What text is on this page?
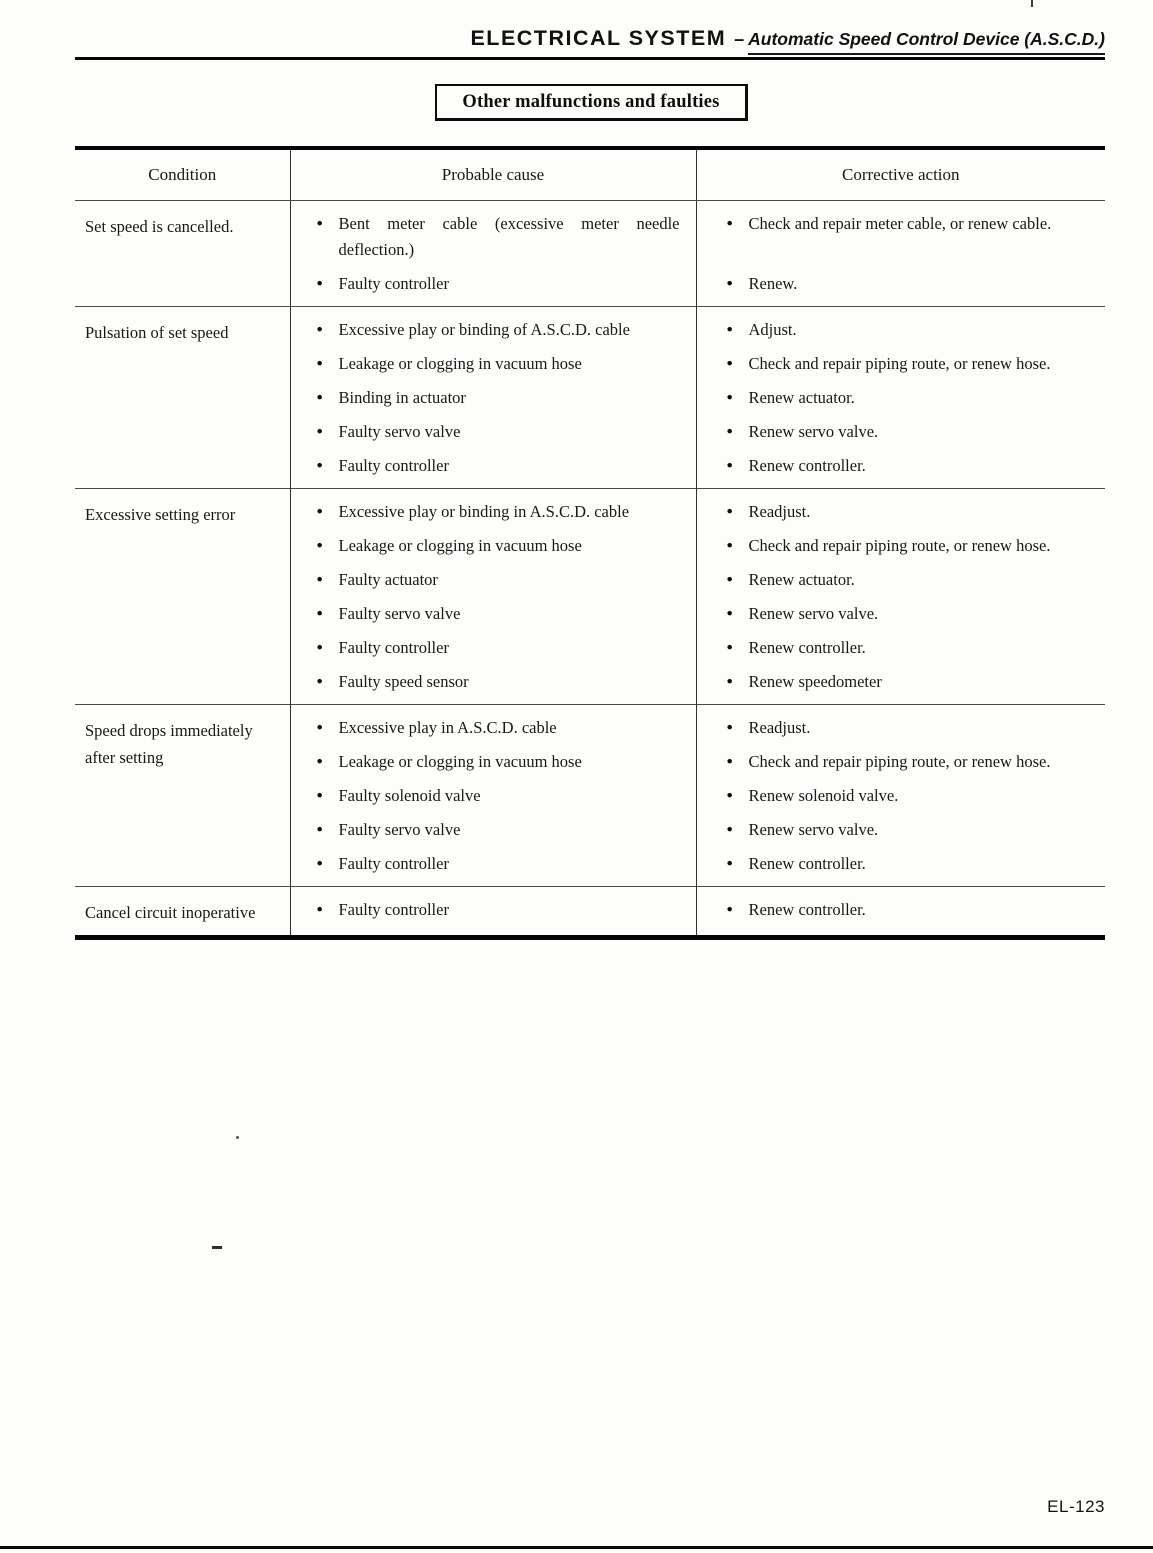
ELECTRICAL SYSTEM – Automatic Speed Control Device (A.S.C.D.)
Other malfunctions and faulties
Condition	Probable cause	Corrective action
Set speed is cancelled.	● Bent meter cable (excessive meter needle deflection.)	● Check and repair meter cable, or renew cable.

	● Faulty controller	● Renew.

Pulsation of set speed	● Excessive play or binding of A.S.C.D. cable	● Adjust.

	● Leakage or clogging in vacuum hose	● Check and repair piping route, or renew hose.

	● Binding in actuator	● Renew actuator.

	● Faulty servo valve	● Renew servo valve.

	● Faulty controller	● Renew controller.

Excessive setting error	● Excessive play or binding in A.S.C.D. cable	● Readjust.

	● Leakage or clogging in vacuum hose	● Check and repair piping route, or renew hose.

	● Faulty actuator	● Renew actuator.

	● Faulty servo valve	● Renew servo valve.

	● Faulty controller	● Renew controller.

	● Faulty speed sensor	● Renew speedometer

Speed drops immediately after setting	● Excessive play in A.S.C.D. cable	● Readjust.

	● Leakage or clogging in vacuum hose	● Check and repair piping route, or renew hose.

	● Faulty solenoid valve	● Renew solenoid valve.

	● Faulty servo valve	● Renew servo valve.

	● Faulty controller	● Renew controller.

Cancel circuit inoperative	● Faulty controller	● Renew controller.
EL-123
